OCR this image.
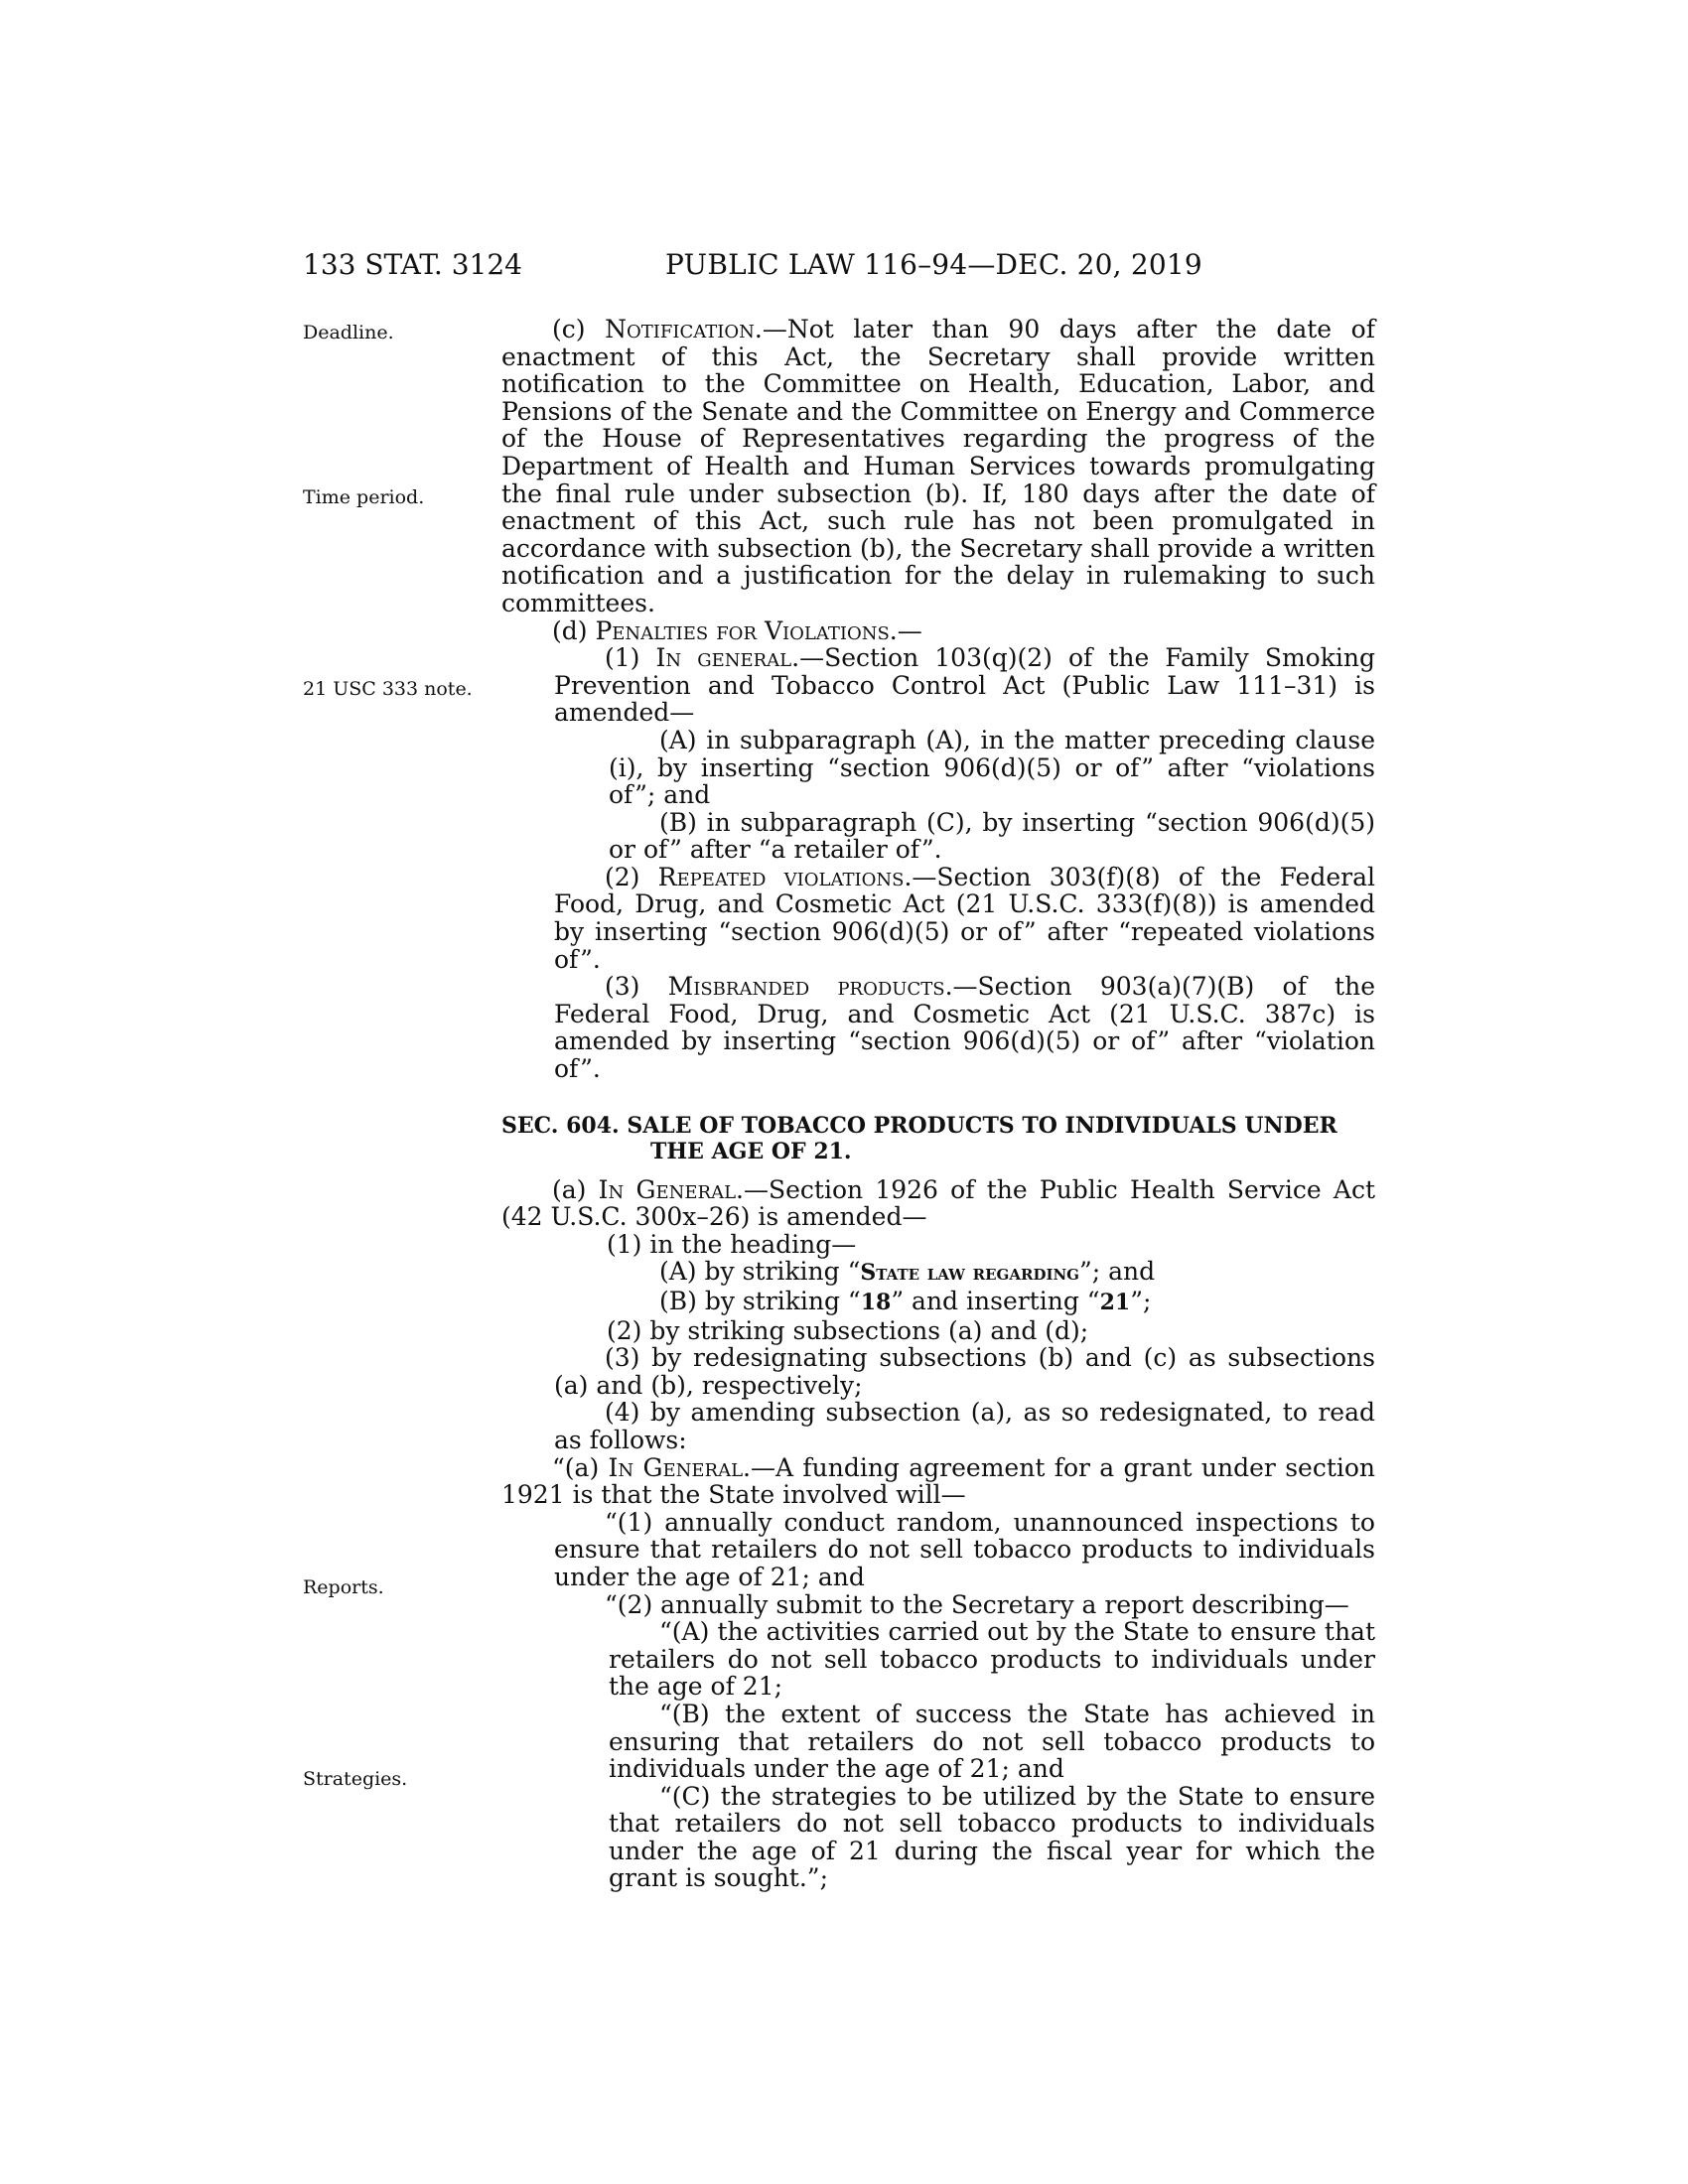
133 STAT. 3124	PUBLIC LAW 116–94—DEC. 20, 2019
Deadline.
Time period.
21 USC 333 note.
Reports.
Strategies.

(c) Notification.—Not later than 90 days after the date of enactment of this Act, the Secretary shall provide written notification to the Committee on Health, Education, Labor, and Pensions of the Senate and the Committee on Energy and Commerce of the House of Representatives regarding the progress of the Department of Health and Human Services towards promulgating the final rule under subsection (b). If, 180 days after the date of enactment of this Act, such rule has not been promulgated in accordance with subsection (b), the Secretary shall provide a written notification and a justification for the delay in rulemaking to such committees.

(d) Penalties for Violations.—

(1) In general.—Section 103(q)(2) of the Family Smoking Prevention and Tobacco Control Act (Public Law 111–31) is amended—

(A) in subparagraph (A), in the matter preceding clause (i), by inserting “section 906(d)(5) or of” after “violations of”; and

(B) in subparagraph (C), by inserting “section 906(d)(5) or of” after “a retailer of”.

(2) Repeated violations.—Section 303(f)(8) of the Federal Food, Drug, and Cosmetic Act (21 U.S.C. 333(f)(8)) is amended by inserting “section 906(d)(5) or of” after “repeated violations of”.

(3) Misbranded products.—Section 903(a)(7)(B) of the Federal Food, Drug, and Cosmetic Act (21 U.S.C. 387c) is amended by inserting “section 906(d)(5) or of” after “violation of”.

SEC. 604. SALE OF TOBACCO PRODUCTS TO INDIVIDUALS UNDER THE AGE OF 21.

(a) In General.—Section 1926 of the Public Health Service Act (42 U.S.C. 300x–26) is amended—

(1) in the heading—

(A) by striking “State law regarding”; and

(B) by striking “18” and inserting “21”;

(2) by striking subsections (a) and (d);

(3) by redesignating subsections (b) and (c) as subsections (a) and (b), respectively;

(4) by amending subsection (a), as so redesignated, to read as follows:

“(a) In General.—A funding agreement for a grant under section 1921 is that the State involved will—

“(1) annually conduct random, unannounced inspections to ensure that retailers do not sell tobacco products to individuals under the age of 21; and

“(2) annually submit to the Secretary a report describing—

“(A) the activities carried out by the State to ensure that retailers do not sell tobacco products to individuals under the age of 21;

“(B) the extent of success the State has achieved in ensuring that retailers do not sell tobacco products to individuals under the age of 21; and

“(C) the strategies to be utilized by the State to ensure that retailers do not sell tobacco products to individuals under the age of 21 during the fiscal year for which the grant is sought.”;
